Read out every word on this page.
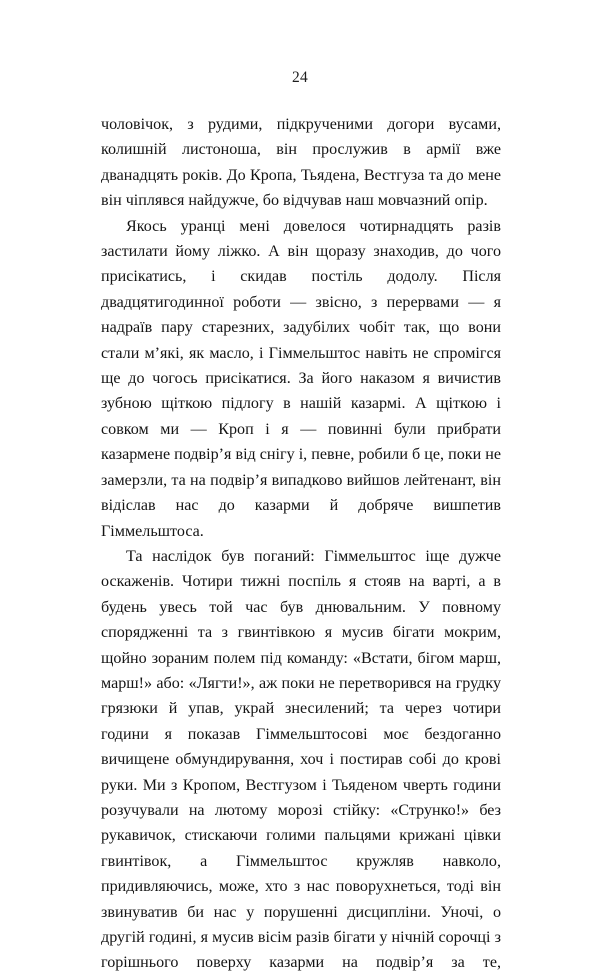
24

чоловічок, з рудими, підкрученими догори вусами, колишній листоноша, він прослужив в армії вже дванадцять років. До Кропа, Тьядена, Вестгуза та до мене він чіплявся найдужче, бо відчував наш мовчазний опір.

Якось уранці мені довелося чотирнадцять разів застилати йому ліжко. А він щоразу знаходив, до чого присікатись, і скидав постіль додолу. Після двадцятигодинної роботи — звісно, з перервами — я надраїв пару старезних, задубілих чобіт так, що вони стали м’які, як масло, і Гіммельштос навіть не спромігся ще до чогось присікатися. За його наказом я вичистив зубною щіткою підлогу в нашій казармі. А щіткою і совком ми — Кроп і я — повинні були прибрати казармене подвір’я від снігу і, певне, робили б це, поки не замерзли, та на подвір’я випадково вийшов лейтенант, він відіслав нас до казарми й добряче вишпетив Гіммельштоса.

Та наслідок був поганий: Гіммельштос іще дужче оскаженів. Чотири тижні поспіль я стояв на варті, а в будень увесь той час був днювальним. У повному спорядженні та з гвинтівкою я мусив бігати мокрим, щойно зораним полем під команду: «Встати, бігом марш, марш!» або: «Лягти!», аж поки не перетворився на грудку грязюки й упав, украй знесилений; та через чотири години я показав Гіммельштосові моє бездоганно вичищене обмундирування, хоч і постирав собі до крові руки. Ми з Кропом, Вестгузом і Тьяденом чверть години розучували на лютому морозі стійку: «Струнко!» без рукавичок, стискаючи голими пальцями крижані цівки гвинтівок, а Гіммельштос кружляв навколо, придивляючись, може, хто з нас поворухнеться, тоді він звинуватив би нас у порушенні дисципліни. Уночі, о другій годині, я мусив вісім разів бігати у нічній сорочці з горішнього поверху казарми на подвір’я за те,
